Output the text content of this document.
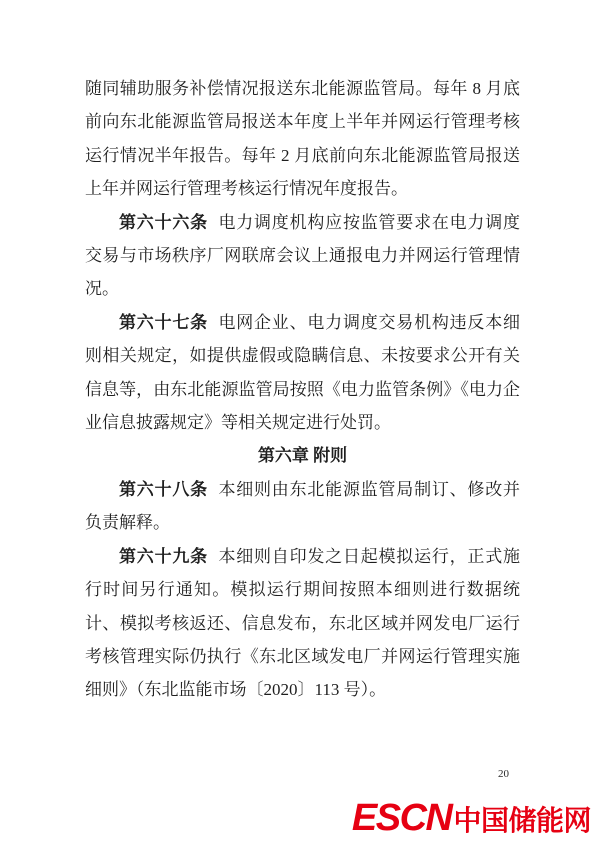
随同辅助服务补偿情况报送东北能源监管局。每年 8 月底前向东北能源监管局报送本年度上半年并网运行管理考核运行情况半年报告。每年 2 月底前向东北能源监管局报送上年并网运行管理考核运行情况年度报告。

第六十六条 电力调度机构应按监管要求在电力调度交易与市场秩序厂网联席会议上通报电力并网运行管理情况。

第六十七条 电网企业、电力调度交易机构违反本细则相关规定，如提供虚假或隐瞒信息、未按要求公开有关信息等，由东北能源监管局按照《电力监管条例》《电力企业信息披露规定》等相关规定进行处罚。

第六章 附则

第六十八条 本细则由东北能源监管局制订、修改并负责解释。

第六十九条 本细则自印发之日起模拟运行，正式施行时间另行通知。模拟运行期间按照本细则进行数据统计、模拟考核返还、信息发布，东北区域并网发电厂运行考核管理实际仍执行《东北区域发电厂并网运行管理实施细则》（东北监能市场〔2020〕113 号）。

20
ESCN 中国储能网
